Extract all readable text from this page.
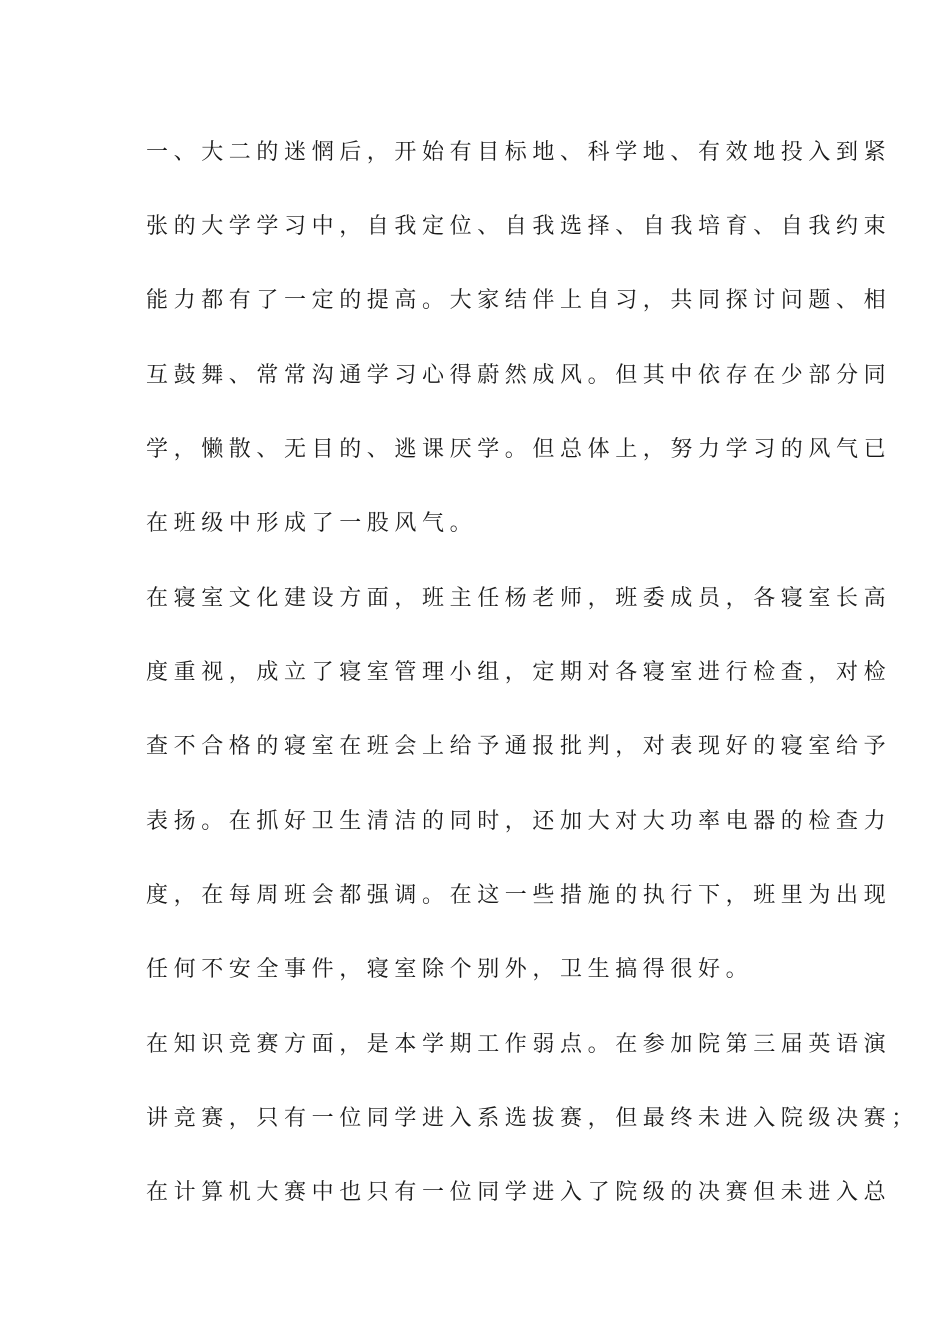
一、大二的迷惘后，开始有目标地、科学地、有效地投入到紧
张的大学学习中，自我定位、自我选择、自我培育、自我约束
能力都有了一定的提高。大家结伴上自习，共同探讨问题、相
互鼓舞、常常沟通学习心得蔚然成风。但其中依存在少部分同
学，懒散、无目的、逃课厌学。但总体上，努力学习的风气已
在班级中形成了一股风气。
在寝室文化建设方面，班主任杨老师，班委成员，各寝室长高
度重视，成立了寝室管理小组，定期对各寝室进行检查，对检
查不合格的寝室在班会上给予通报批判，对表现好的寝室给予
表扬。在抓好卫生清洁的同时，还加大对大功率电器的检查力
度，在每周班会都强调。在这一些措施的执行下，班里为出现
任何不安全事件，寝室除个别外，卫生搞得很好。
在知识竞赛方面，是本学期工作弱点。在参加院第三届英语演
讲竞赛，只有一位同学进入系选拔赛，但最终未进入院级决赛；
在计算机大赛中也只有一位同学进入了院级的决赛但未进入总
